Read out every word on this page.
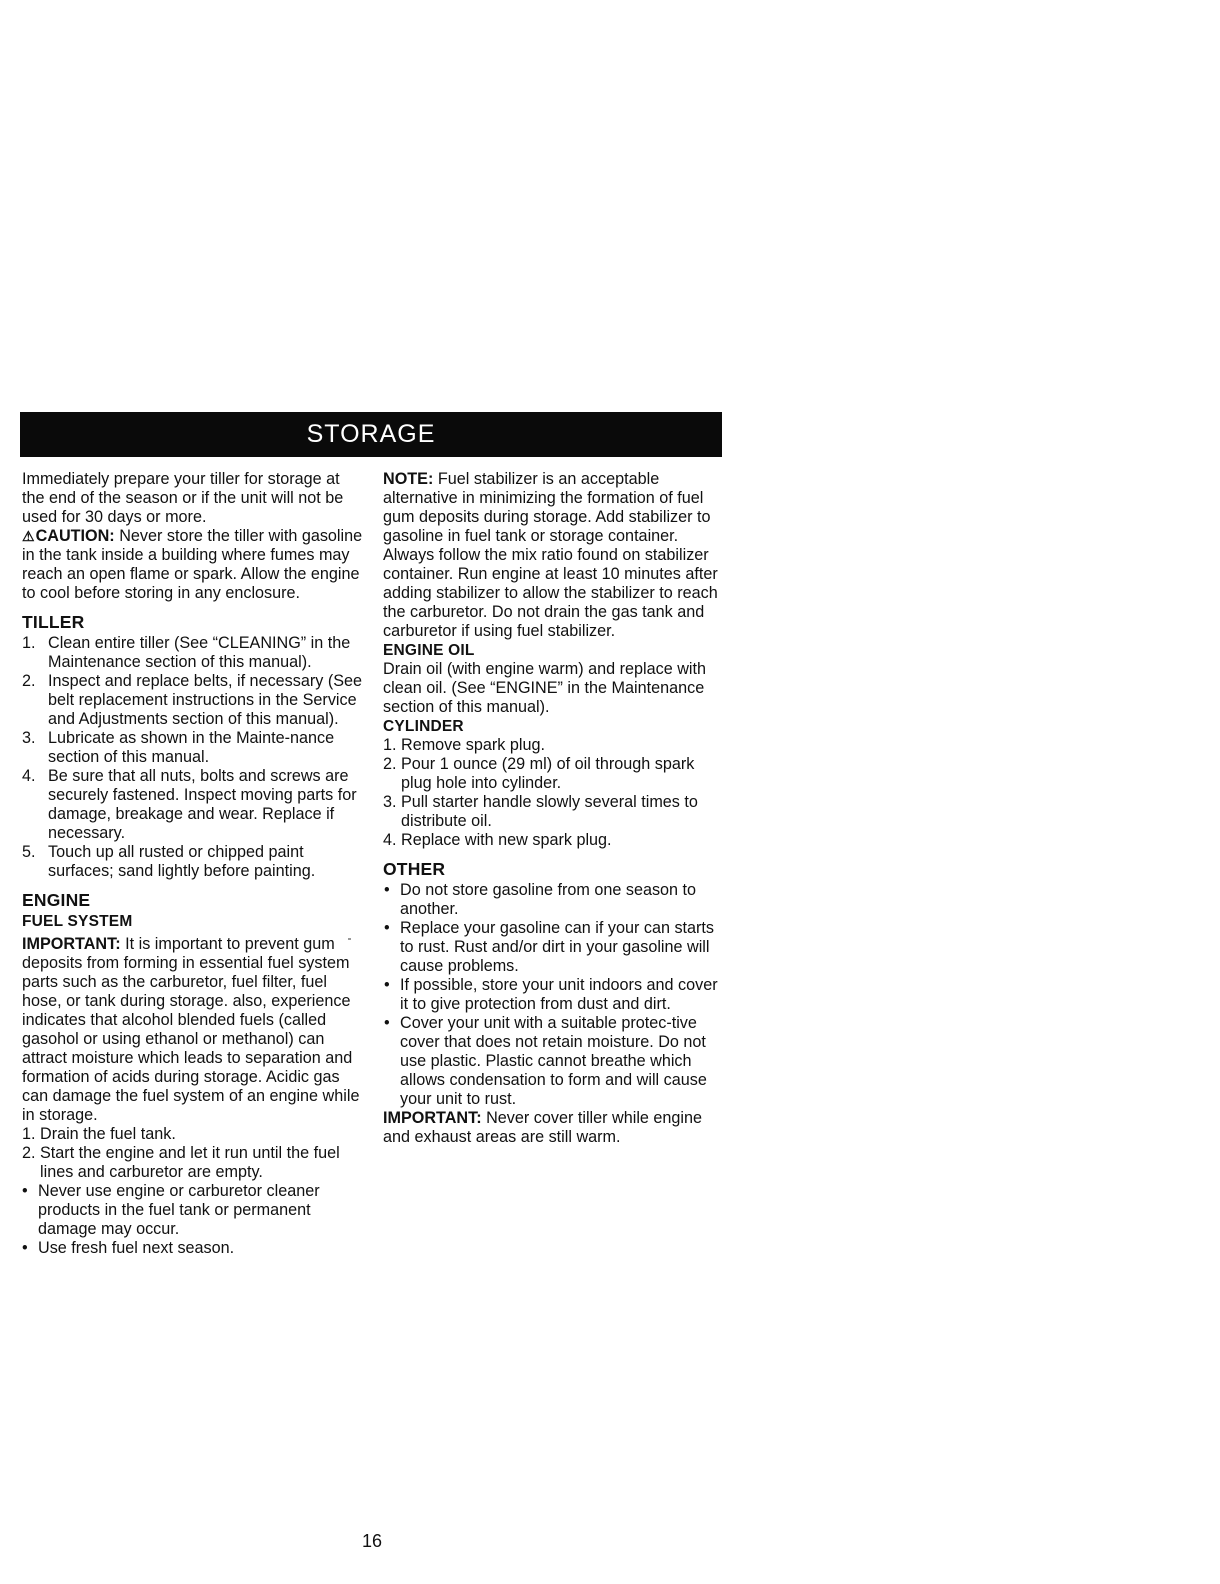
STORAGE

Immediately prepare your tiller for storage at the end of the season or if the unit will not be used for 30 days or more.

⚠CAUTION: Never store the tiller with gasoline in the tank inside a building where fumes may reach an open flame or spark. Allow the engine to cool before storing in any enclosure.

TILLER
1. Clean entire tiller (See “CLEANING” in the Maintenance section of this manual).
2. Inspect and replace belts, if necessary (See belt replacement instructions in the Service and Adjustments section of this manual).
3. Lubricate as shown in the Mainte-nance section of this manual.
4. Be sure that all nuts, bolts and screws are securely fastened. Inspect moving parts for damage, breakage and wear. Replace if necessary.
5. Touch up all rusted or chipped paint surfaces; sand lightly before painting.
ENGINE
FUEL SYSTEM

IMPORTANT: It is important to prevent gum deposits from forming in essential fuel system parts such as the carburetor, fuel filter, fuel hose, or tank during storage. also, experience indicates that alcohol blended fuels (called gasohol or using ethanol or methanol) can attract moisture which leads to separation and formation of acids during storage. Acidic gas can damage the fuel system of an engine while in storage.

1. Drain the fuel tank.
2. Start the engine and let it run until the fuel lines and carburetor are empty.
• Never use engine or carburetor cleaner products in the fuel tank or permanent damage may occur.
• Use fresh fuel next season.

NOTE: Fuel stabilizer is an acceptable alternative in minimizing the formation of fuel gum deposits during storage. Add stabilizer to gasoline in fuel tank or storage container. Always follow the mix ratio found on stabilizer container. Run engine at least 10 minutes after adding stabilizer to allow the stabilizer to reach the carburetor. Do not drain the gas tank and carburetor if using fuel stabilizer.

ENGINE OIL

Drain oil (with engine warm) and replace with clean oil. (See “ENGINE” in the Maintenance section of this manual).

CYLINDER
1. Remove spark plug.
2. Pour 1 ounce (29 ml) of oil through spark plug hole into cylinder.
3. Pull starter handle slowly several times to distribute oil.
4. Replace with new spark plug.
OTHER
• Do not store gasoline from one season to another.
• Replace your gasoline can if your can starts to rust. Rust and/or dirt in your gasoline will cause problems.
• If possible, store your unit indoors and cover it to give protection from dust and dirt.
• Cover your unit with a suitable protec-tive cover that does not retain moisture. Do not use plastic. Plastic cannot breathe which allows condensation to form and will cause your unit to rust.

IMPORTANT: Never cover tiller while engine and exhaust areas are still warm.

16
